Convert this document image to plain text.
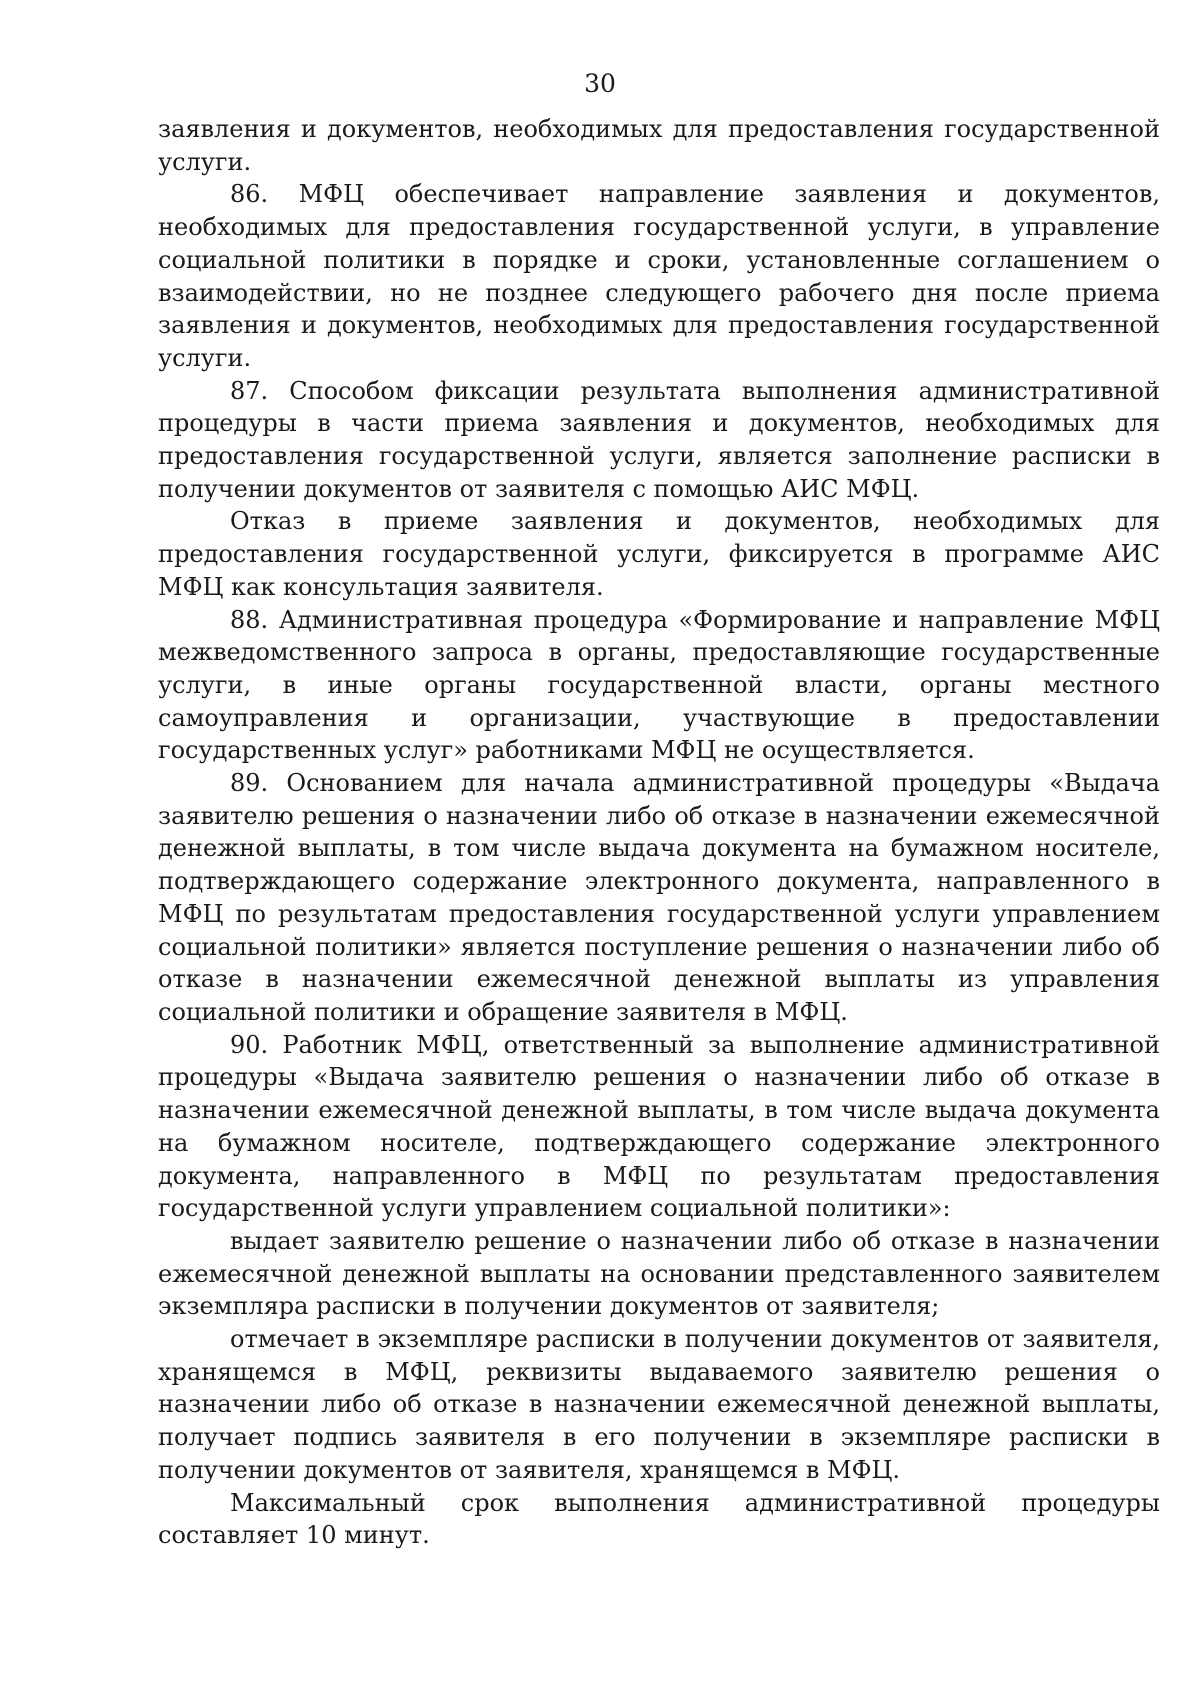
30

заявления и документов, необходимых для предоставления государственной услуги.

86. МФЦ обеспечивает направление заявления и документов, необходимых для предоставления государственной услуги, в управление социальной политики в порядке и сроки, установленные соглашением о взаимодействии, но не позднее следующего рабочего дня после приема заявления и документов, необходимых для предоставления государственной услуги.

87. Способом фиксации результата выполнения административной процедуры в части приема заявления и документов, необходимых для предоставления государственной услуги, является заполнение расписки в получении документов от заявителя с помощью АИС МФЦ.

Отказ в приеме заявления и документов, необходимых для предоставления государственной услуги, фиксируется в программе АИС МФЦ как консультация заявителя.

88. Административная процедура «Формирование и направление МФЦ межведомственного запроса в органы, предоставляющие государственные услуги, в иные органы государственной власти, органы местного самоуправления и организации, участвующие в предоставлении государственных услуг» работниками МФЦ не осуществляется.

89. Основанием для начала административной процедуры «Выдача заявителю решения о назначении либо об отказе в назначении ежемесячной денежной выплаты, в том числе выдача документа на бумажном носителе, подтверждающего содержание электронного документа, направленного в МФЦ по результатам предоставления государственной услуги управлением социальной политики» является поступление решения о назначении либо об отказе в назначении ежемесячной денежной выплаты из управления социальной политики и обращение заявителя в МФЦ.

90. Работник МФЦ, ответственный за выполнение административной процедуры «Выдача заявителю решения о назначении либо об отказе в назначении ежемесячной денежной выплаты, в том числе выдача документа на бумажном носителе, подтверждающего содержание электронного документа, направленного в МФЦ по результатам предоставления государственной услуги управлением социальной политики»:

выдает заявителю решение о назначении либо об отказе в назначении ежемесячной денежной выплаты на основании представленного заявителем экземпляра расписки в получении документов от заявителя;

отмечает в экземпляре расписки в получении документов от заявителя, хранящемся в МФЦ, реквизиты выдаваемого заявителю решения о назначении либо об отказе в назначении ежемесячной денежной выплаты, получает подпись заявителя в его получении в экземпляре расписки в получении документов от заявителя, хранящемся в МФЦ.

Максимальный срок выполнения административной процедуры составляет 10 минут.
